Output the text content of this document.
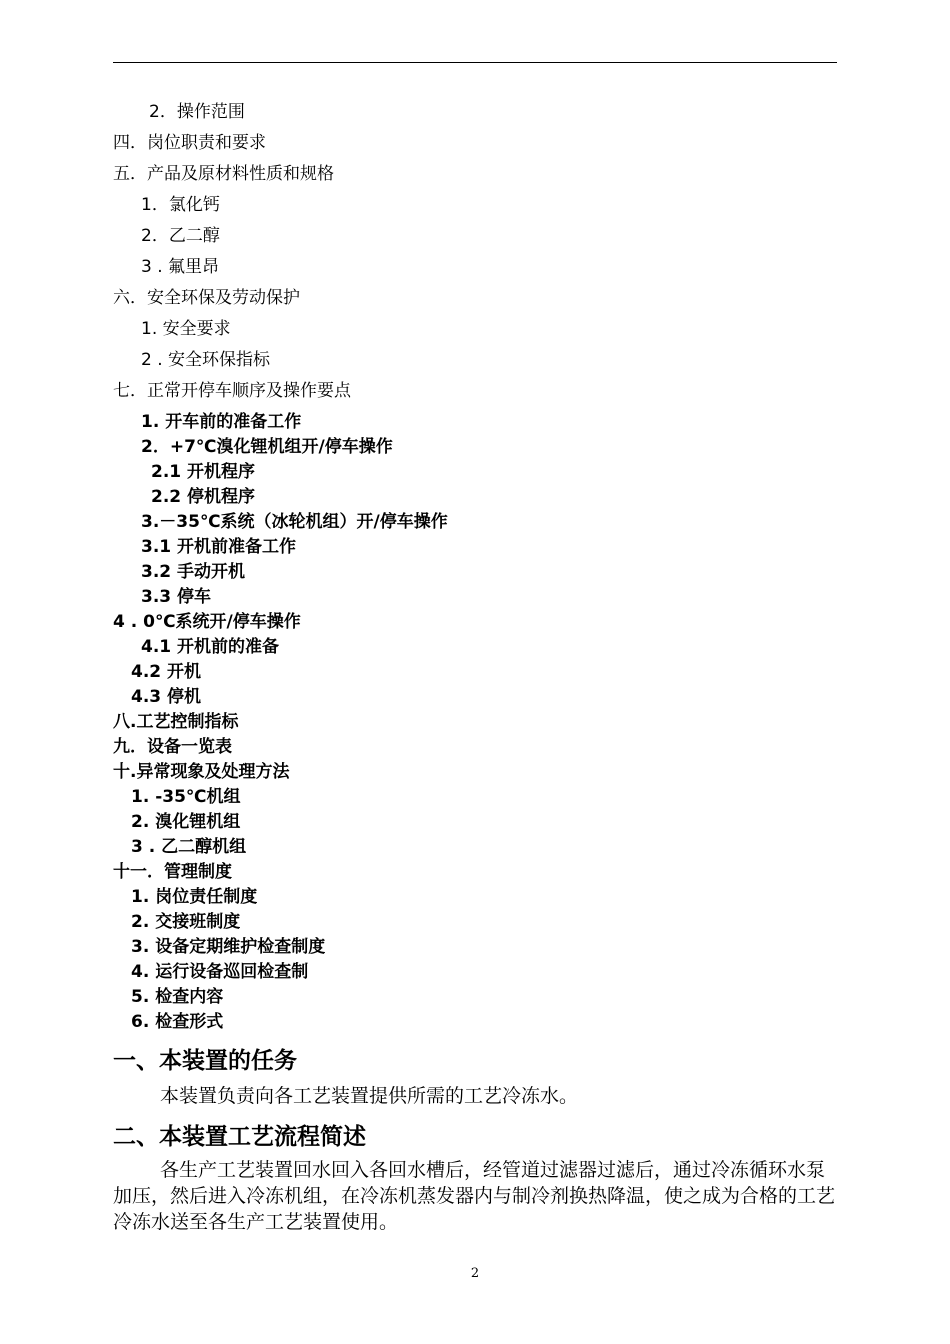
2．操作范围
四．岗位职责和要求
五．产品及原材料性质和规格
1．氯化钙
2．乙二醇
3 . 氟里昂
六．安全环保及劳动保护
1. 安全要求
2 . 安全环保指标
七．正常开停车顺序及操作要点
1. 开车前的准备工作
2．+7℃溴化锂机组开/停车操作
2.1 开机程序
2.2 停机程序
3.－35℃系统（冰轮机组）开/停车操作
3.1 开机前准备工作
3.2 手动开机
3.3 停车
4 . 0℃系统开/停车操作
4.1 开机前的准备
4.2 开机
4.3 停机
八.工艺控制指标
九．设备一览表
十.异常现象及处理方法
1. -35℃机组
2. 溴化锂机组
3 . 乙二醇机组
十一．管理制度
1. 岗位责任制度
2. 交接班制度
3. 设备定期维护检查制度
4. 运行设备巡回检查制
5. 检查内容
6. 检查形式
一、本装置的任务
本装置负责向各工艺装置提供所需的工艺冷冻水。
二、本装置工艺流程简述
各生产工艺装置回水回入各回水槽后，经管道过滤器过滤后，通过冷冻循环水泵加压，然后进入冷冻机组，在冷冻机蒸发器内与制冷剂换热降温，使之成为合格的工艺冷冻水送至各生产工艺装置使用。
2
